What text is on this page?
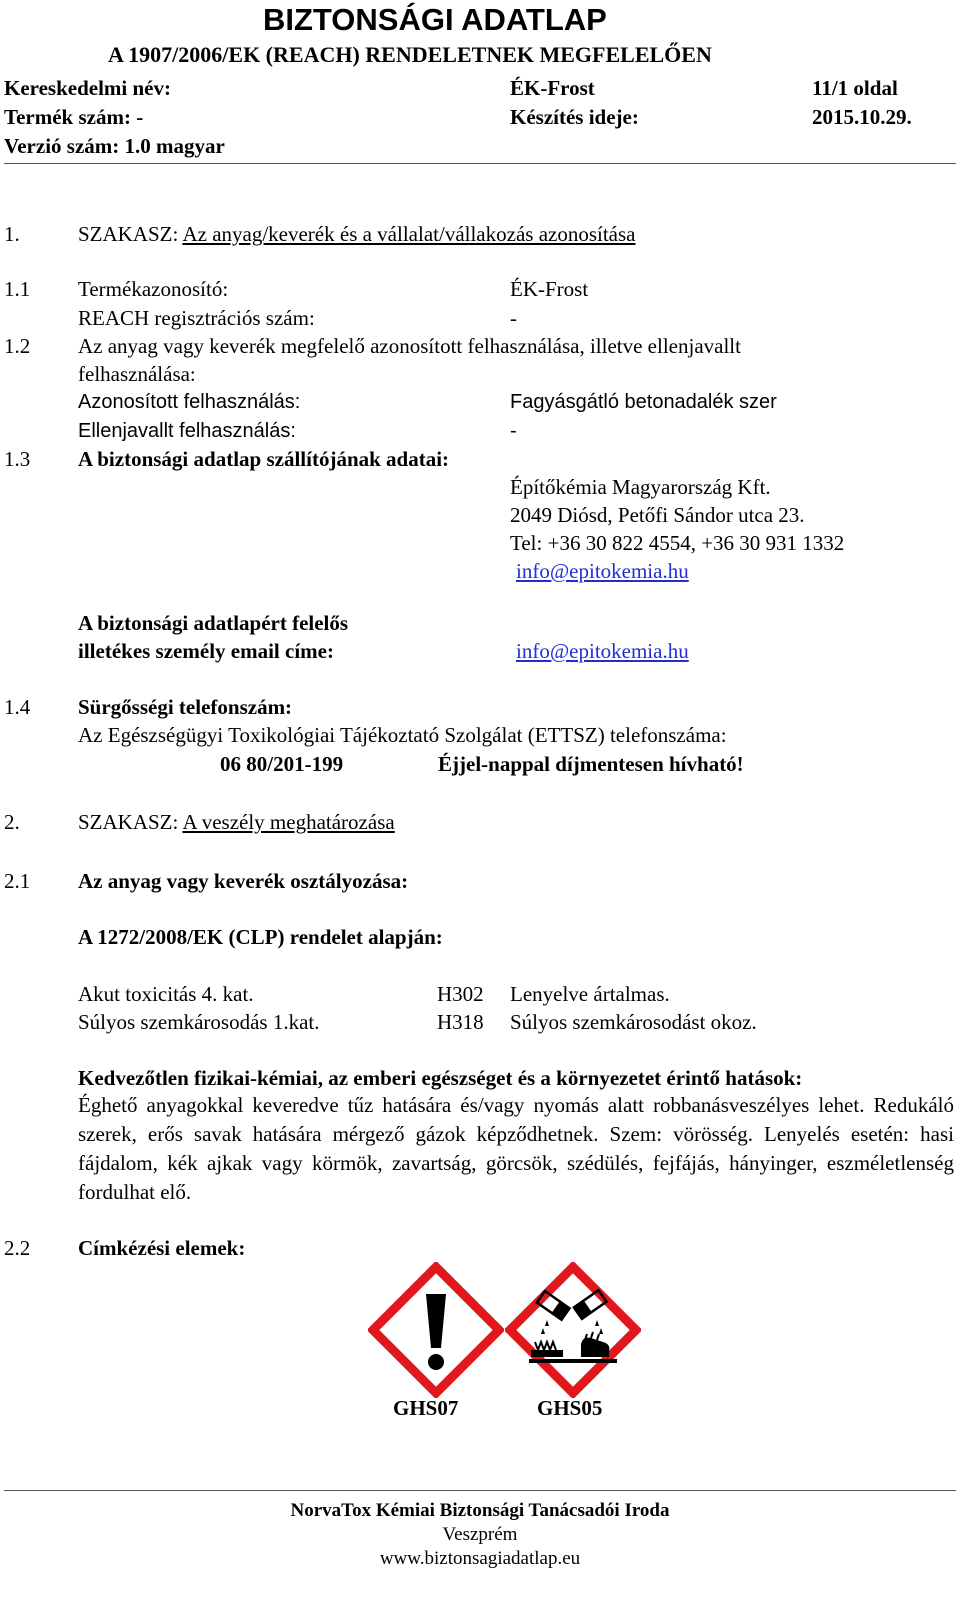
BIZTONSÁGI ADATLAP
A 1907/2006/EK (REACH) RENDELETNEK MEGFELELŐEN
Kereskedelmi név:	ÉK-Frost	11/1 oldal
Termék szám: -	Készítés ideje:	2015.10.29.
Verzió szám: 1.0 magyar
1.	SZAKASZ: Az anyag/keverék és a vállalat/vállakozás azonosítása
1.1 Termékazonosító:	ÉK-Frost
REACH regisztrációs szám:	-
1.2 Az anyag vagy keverék megfelelő azonosított felhasználása, illetve ellenjavallt
felhasználása:
Azonosított felhasználás:	Fagyásgátló betonadalék szer
Ellenjavallt felhasználás:	-
1.3 A biztonsági adatlap szállítójának adatai:
Építőkémia Magyarország Kft.
2049 Diósd, Petőfi Sándor utca 23.
Tel: +36 30 822 4554, +36 30 931 1332
info@epitokemia.hu
A biztonsági adatlapért felelős
illetékes személy email címe:	info@epitokemia.hu
1.4 Sürgősségi telefonszám:
Az Egészségügyi Toxikológiai Tájékoztató Szolgálat (ETTSZ) telefonszáma:
06 80/201-199	Éjjel-nappal díjmentesen hívható!
2.	SZAKASZ: A veszély meghatározása
2.1 Az anyag vagy keverék osztályozása:
A 1272/2008/EK (CLP) rendelet alapján:
Akut toxicitás 4. kat.	H302 Lenyelve ártalmas.
Súlyos szemkárosodás 1.kat.	H318 Súlyos szemkárosodást okoz.
Kedvezőtlen fizikai-kémiai, az emberi egészséget és a környezetet érintő hatások:
Éghető anyagokkal keveredve tűz hatására és/vagy nyomás alatt robbanásveszélyes lehet. Redukáló szerek, erős savak hatására mérgező gázok képződhetnek. Szem: vörösség. Lenyelés esetén: hasi fájdalom, kék ajkak vagy körmök, zavartság, görcsök, szédülés, fejfájás, hányinger, eszméletlenség fordulhat elő.
2.2 Címkézési elemek:
GHS07	GHS05
NorvaTox Kémiai Biztonsági Tanácsadói Iroda
Veszprém
www.biztonsagiadatlap.eu
